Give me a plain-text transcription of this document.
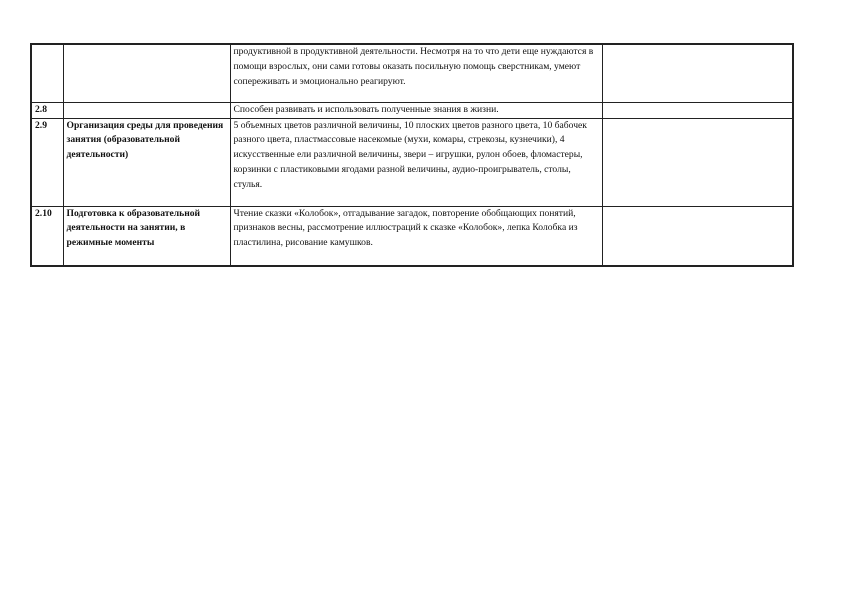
		продуктивной в продуктивной деятельности. Несмотря на то что дети еще нуждаются в помощи взрослых, они сами готовы оказать посильную помощь сверстникам, умеют сопереживать и эмоционально реагируют.	
2.8		Способен развивать и использовать полученные знания в жизни.	
2.9	Организация среды для проведения занятия (образовательной деятельности)	5 объемных цветов различной величины, 10 плоских цветов разного цвета, 10 бабочек разного цвета, пластмассовые насекомые (мухи, комары, стрекозы, кузнечики), 4 искусственные ели различной величины, звери – игрушки, рулон обоев, фломастеры, корзинки с пластиковыми ягодами разной величины, аудио-проигрыватель, столы, стулья.	
2.10	Подготовка к образовательной деятельности на занятии, в режимные моменты	Чтение сказки «Колобок», отгадывание загадок, повторение обобщающих понятий, признаков весны, рассмотрение иллюстраций к сказке «Колобок», лепка Колобка из пластилина, рисование камушков.	
